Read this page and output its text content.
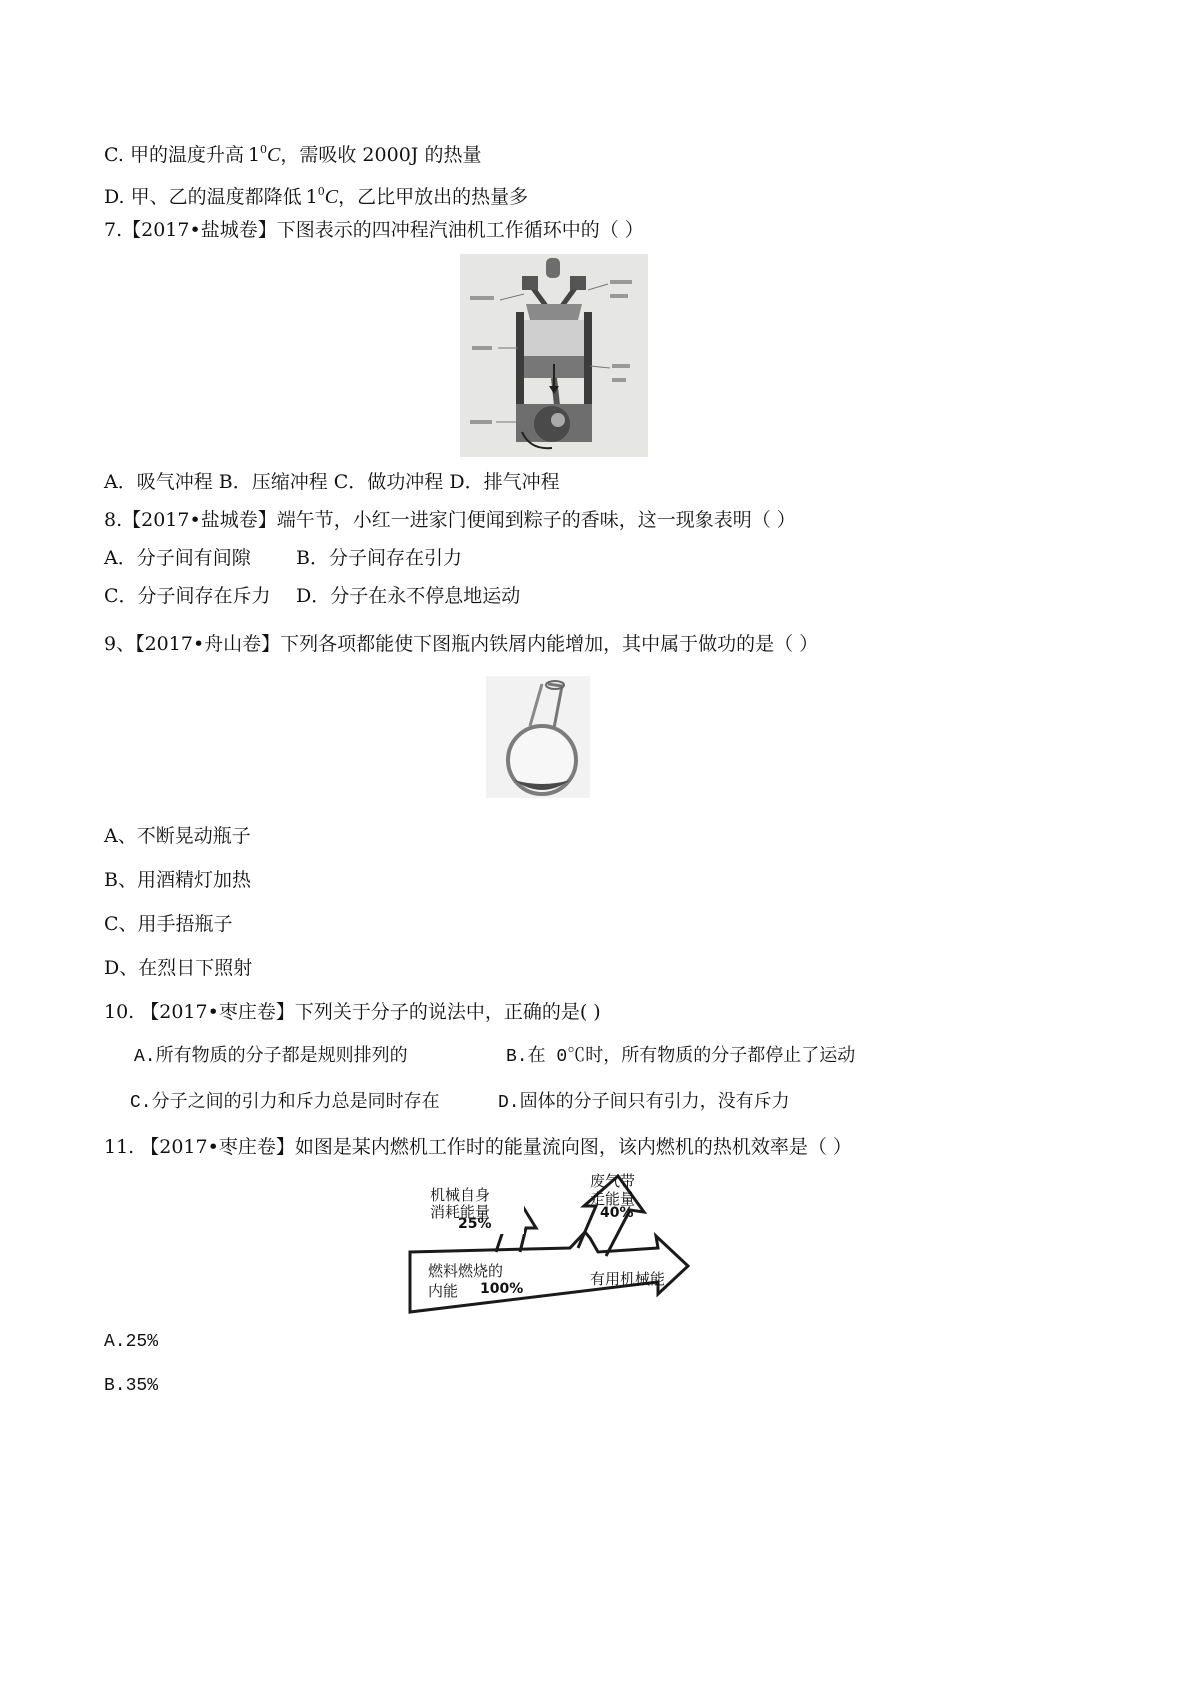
C. 甲的温度升高 $1^0C$，需吸收 2000J 的热量
D. 甲、乙的温度都降低 $1^0C$，乙比甲放出的热量多
7.【2017•盐城卷】下图表示的四冲程汽油机工作循环中的（ ）
A．吸气冲程 B．压缩冲程 C．做功冲程 D．排气冲程
8.【2017•盐城卷】端午节，小红一进家门便闻到粽子的香味，这一现象表明（ ）
A．分子间有间隙 B．分子间存在引力
C．分子间存在斥力 D．分子在永不停息地运动
9、【2017•舟山卷】下列各项都能使下图瓶内铁屑内能增加，其中属于做功的是（ ）
A、不断晃动瓶子
B、用酒精灯加热
C、用手捂瓶子
D、在烈日下照射
10. 【2017•枣庄卷】下列关于分子的说法中，正确的是( )
A.所有物质的分子都是规则排列的	B.在 0℃时，所有物质的分子都停止了运动
C.分子之间的引力和斥力总是同时存在	D.固体的分子间只有引力，没有斥力
11. 【2017•枣庄卷】如图是某内燃机工作时的能量流向图，该内燃机的热机效率是（ ）
机械自身
消耗能量
25%
废气带
走能量
40%
燃料燃烧的
内能 100%
有用机械能
A.25%
B.35%
